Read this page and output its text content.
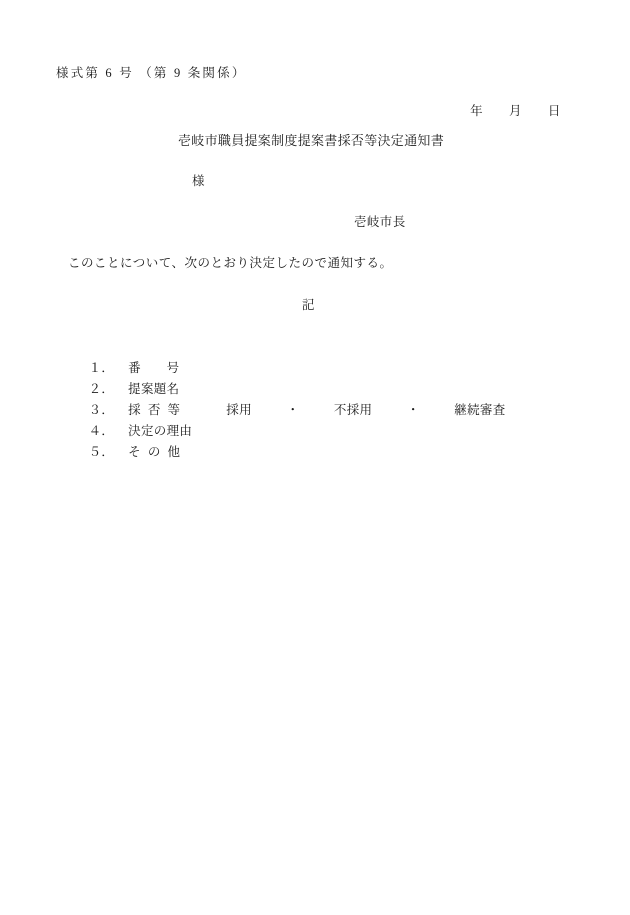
様式第 6 号 （第 9 条関係）

年 月 日

壱岐市職員提案制度提案書採否等決定通知書
様
壱岐市長
このことについて、次のとおり決定したので通知する。
記

１． 番　　号

２． 提案題名

３． 採  否  等	採用	・	不採用	・	継続審査

４． 決定の理由

５． そ  の  他
